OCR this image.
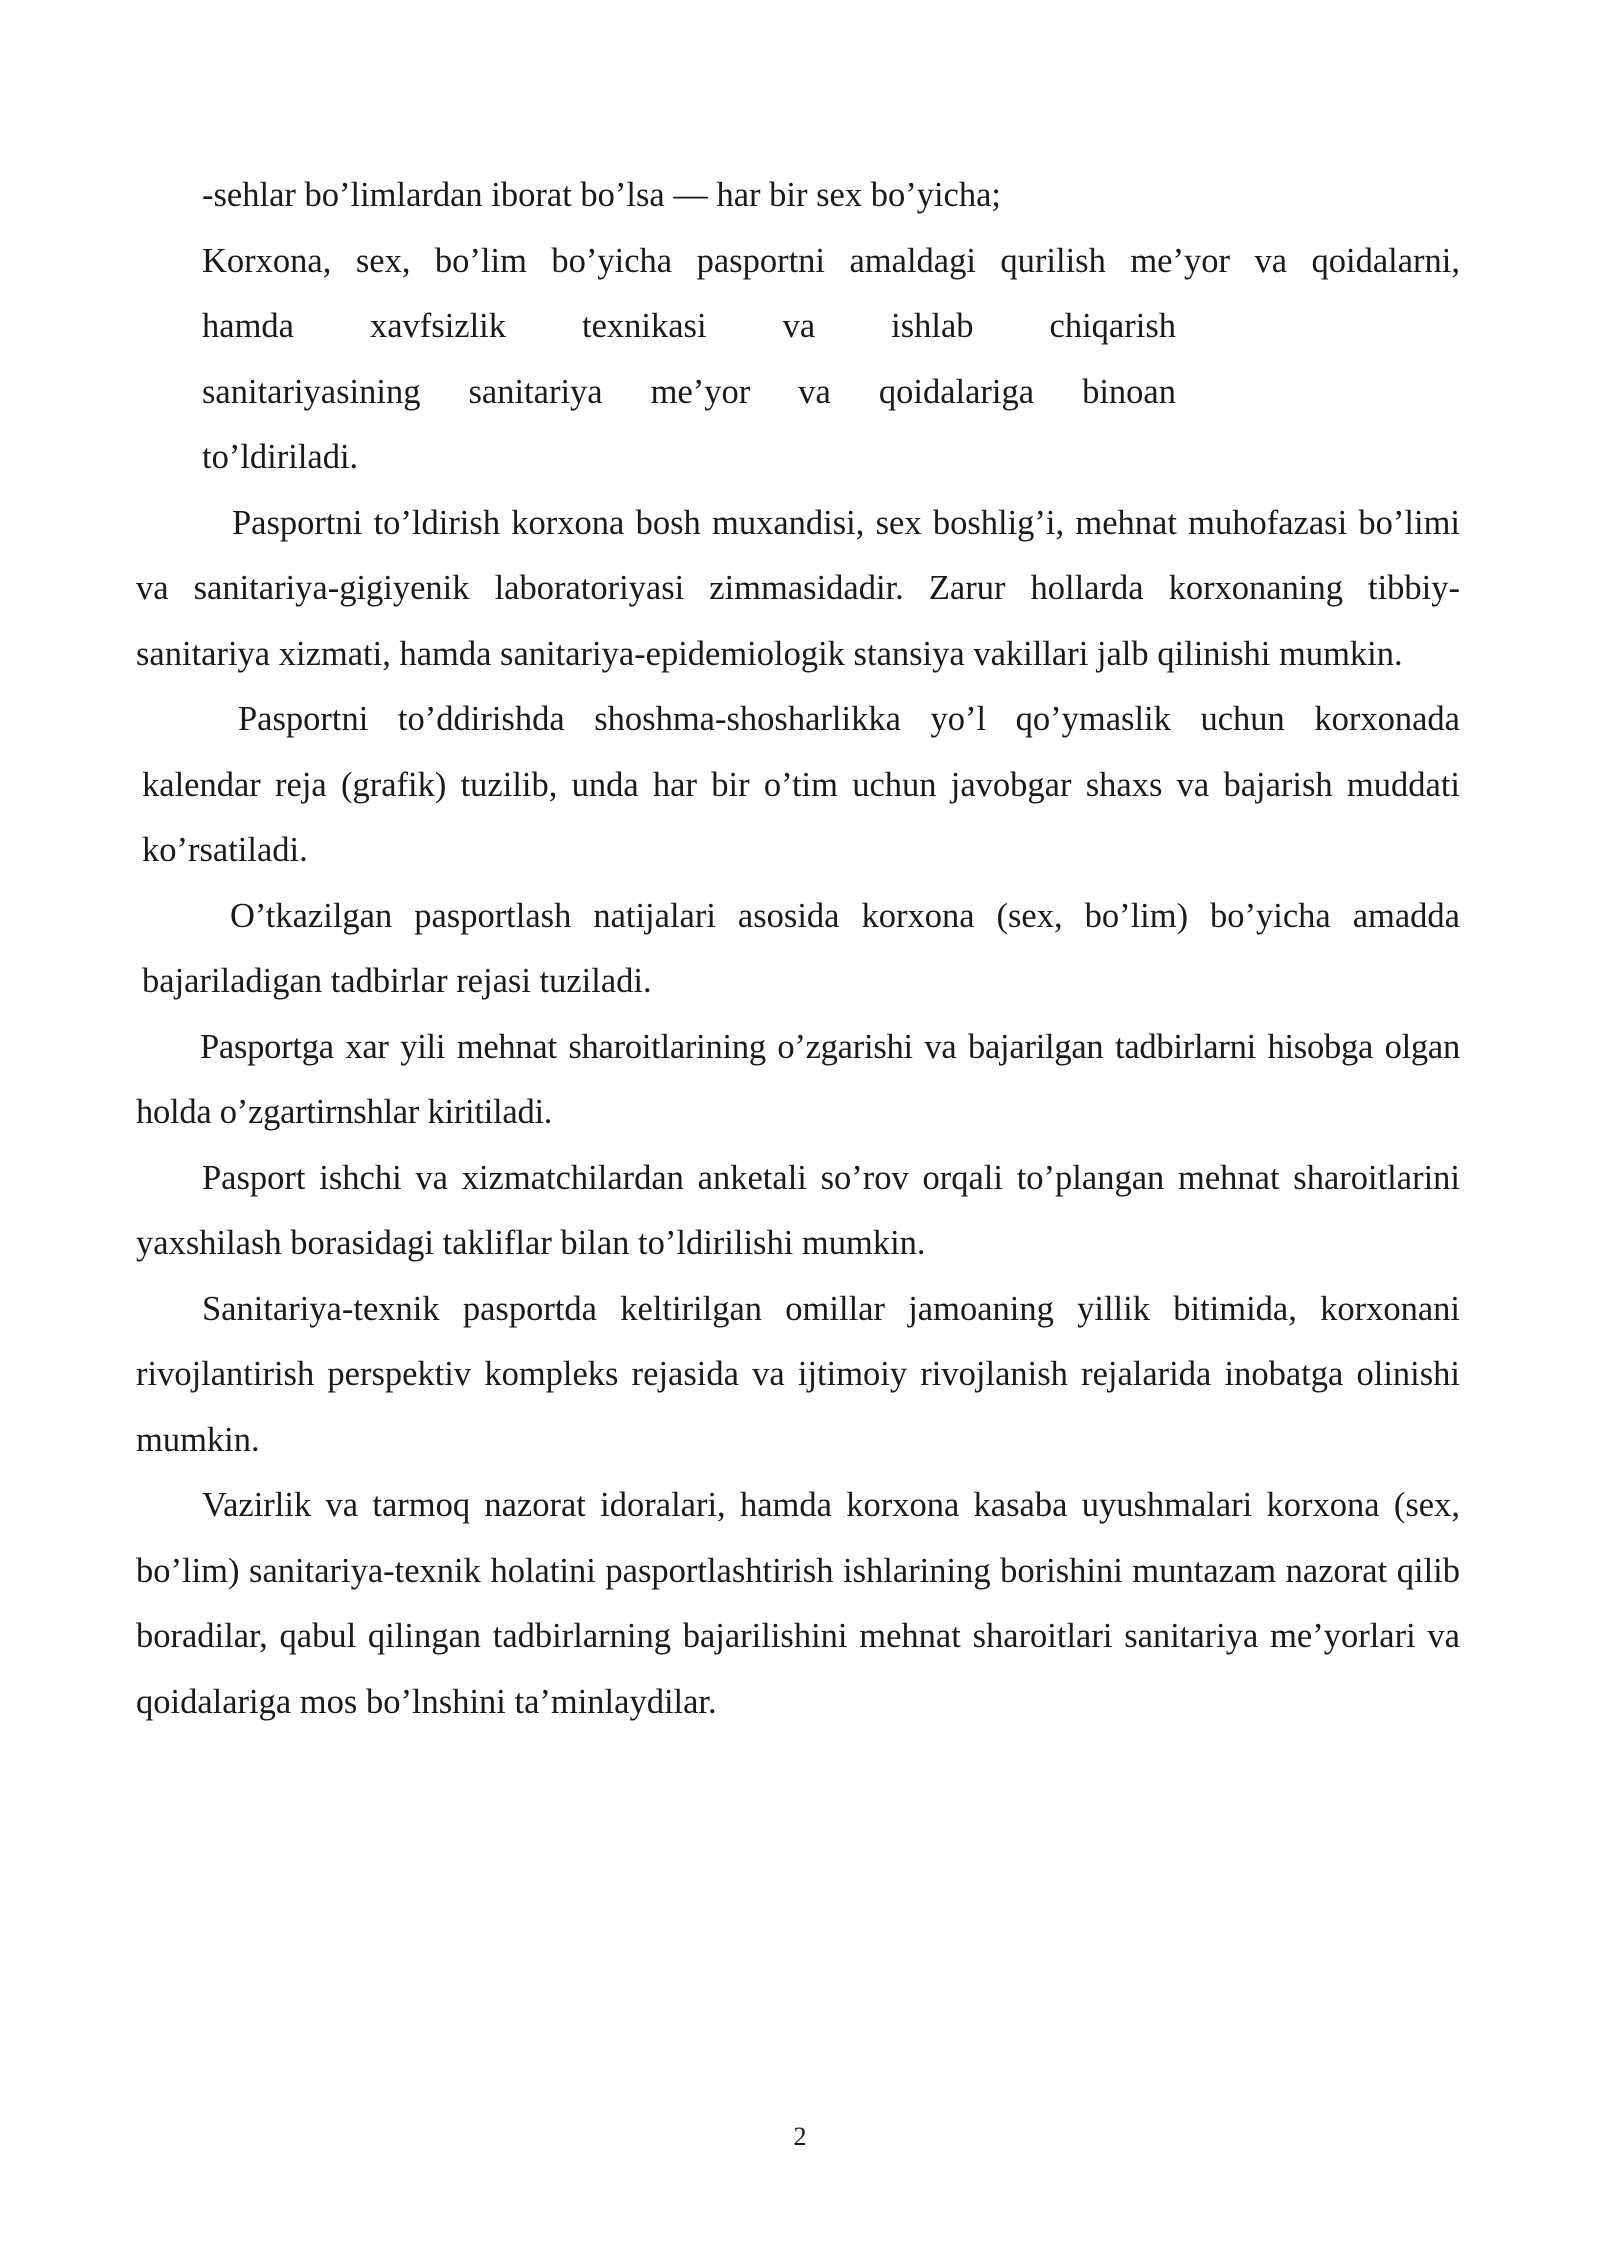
-sehlar bo’limlardan iborat bo’lsa — har bir sex bo’yicha;

Korxona, sex, bo’lim bo’yicha pasportni amaldagi qurilish me’yor va qoidalarni,
hamda xavfsizlik texnikasi va ishlab chiqarish
sanitariyasining sanitariya me’yor va qoidalariga binoan
to’ldiriladi.

Pasportni to’ldirish korxona bosh muxandisi, sex boshlig’i, mehnat muhofazasi bo’limi va sanitariya-gigiyenik laboratoriyasi zimmasidadir. Zarur hollarda korxonaning tibbiy-sanitariya xizmati, hamda sanitariya-epidemiologik stansiya vakillari jalb qilinishi mumkin.

Pasportni to’ddirishda shoshma-shosharlikka yo’l qo’ymaslik uchun korxonada kalendar reja (grafik) tuzilib, unda har bir o’tim uchun javobgar shaxs va bajarish muddati ko’rsatiladi.

O’tkazilgan pasportlash natijalari asosida korxona (sex, bo’lim) bo’yicha amadda bajariladigan tadbirlar rejasi tuziladi.

Pasportga xar yili mehnat sharoitlarining o’zgarishi va bajarilgan tadbirlarni hisobga olgan holda o’zgartirnshlar kiritiladi.

Pasport ishchi va xizmatchilardan anketali so’rov orqali to’plangan mehnat sharoitlarini yaxshilash borasidagi takliflar bilan to’ldirilishi mumkin.

Sanitariya-texnik pasportda keltirilgan omillar jamoaning yillik bitimida, korxonani rivojlantirish perspektiv kompleks rejasida va ijtimoiy rivojlanish rejalarida inobatga olinishi mumkin.

Vazirlik va tarmoq nazorat idoralari, hamda korxona kasaba uyushmalari korxona (sex, bo’lim) sanitariya-texnik holatini pasportlashtirish ishlarining borishini muntazam nazorat qilib boradilar, qabul qilingan tadbirlarning bajarilishini mehnat sharoitlari sanitariya me’yorlari va qoidalariga mos bo’lnshini ta’minlaydilar.

2
